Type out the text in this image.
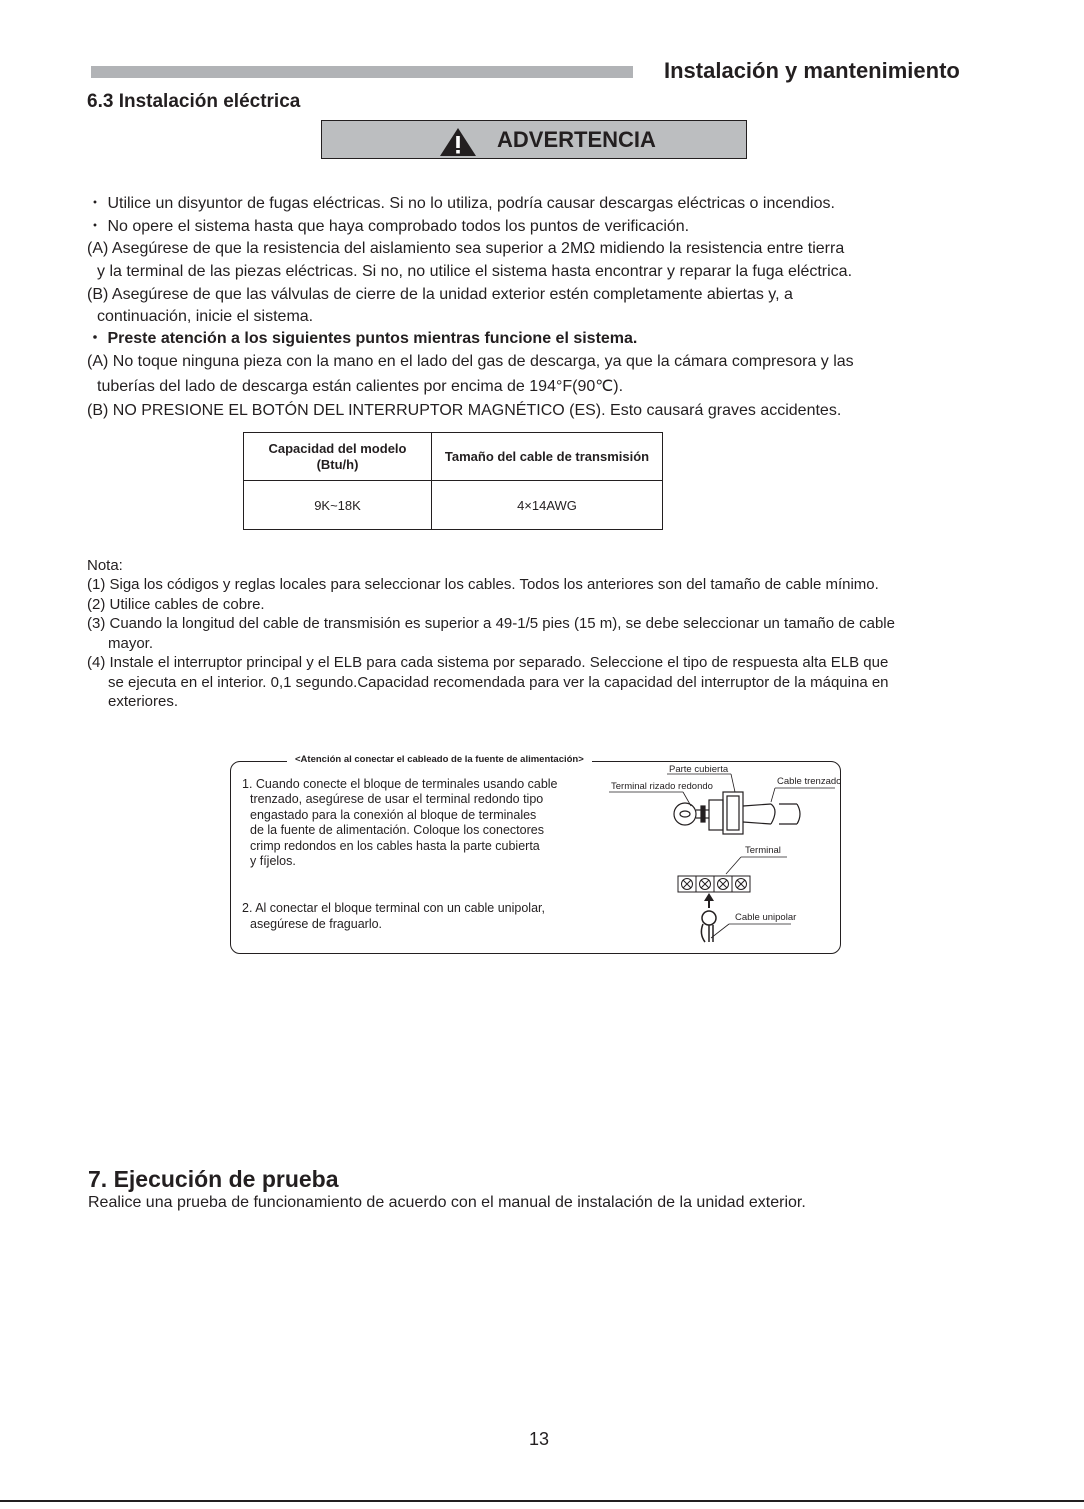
Instalación y mantenimiento
6.3 Instalación eléctrica
ADVERTENCIA
・ Utilice un disyuntor de fugas eléctricas. Si no lo utiliza, podría causar descargas eléctricas o incendios.
・ No opere el sistema hasta que haya comprobado todos los puntos de verificación.
(A) Asegúrese de que la resistencia del aislamiento sea superior a 2MΩ midiendo la resistencia entre tierra
y la terminal de las piezas eléctricas. Si no, no utilice el sistema hasta encontrar y reparar la fuga eléctrica.
(B) Asegúrese de que las válvulas de cierre de la unidad exterior estén completamente abiertas y, a
continuación, inicie el sistema.
・ Preste atención a los siguientes puntos mientras funcione el sistema.
(A) No toque ninguna pieza con la mano en el lado del gas de descarga, ya que la cámara compresora y las
tuberías del lado de descarga están calientes por encima de 194°F(90℃).
(B) NO PRESIONE EL BOTÓN DEL INTERRUPTOR MAGNÉTICO (ES). Esto causará graves accidentes.
Capacidad del modelo
(Btu/h)	Tamaño del cable de transmisión
9K~18K	4×14AWG
Nota:
(1) Siga los códigos y reglas locales para seleccionar los cables. Todos los anteriores son del tamaño de cable mínimo.
(2) Utilice cables de cobre.
(3) Cuando la longitud del cable de transmisión es superior a 49-1/5 pies (15 m), se debe seleccionar un tamaño de cable
mayor.
(4) Instale el interruptor principal y el ELB para cada sistema por separado. Seleccione el tipo de respuesta alta ELB que
se ejecuta en el interior. 0,1 segundo.Capacidad recomendada para ver la capacidad del interruptor de la máquina en
exteriores.
<Atención al conectar el cableado de la fuente de alimentación>
1. Cuando conecte el bloque de terminales usando cable
trenzado, asegúrese de usar el terminal redondo tipo
engastado para la conexión al bloque de terminales
de la fuente de alimentación. Coloque los conectores
crimp redondos en los cables hasta la parte cubierta
y fíjelos.
2. Al conectar el bloque terminal con un cable unipolar,
asegúrese de fraguarlo.
Parte cubierta
Terminal rizado redondo	Cable trenzado
Terminal
Cable unipolar
7. Ejecución de prueba
Realice una prueba de funcionamiento de acuerdo con el manual de instalación de la unidad exterior.
13
